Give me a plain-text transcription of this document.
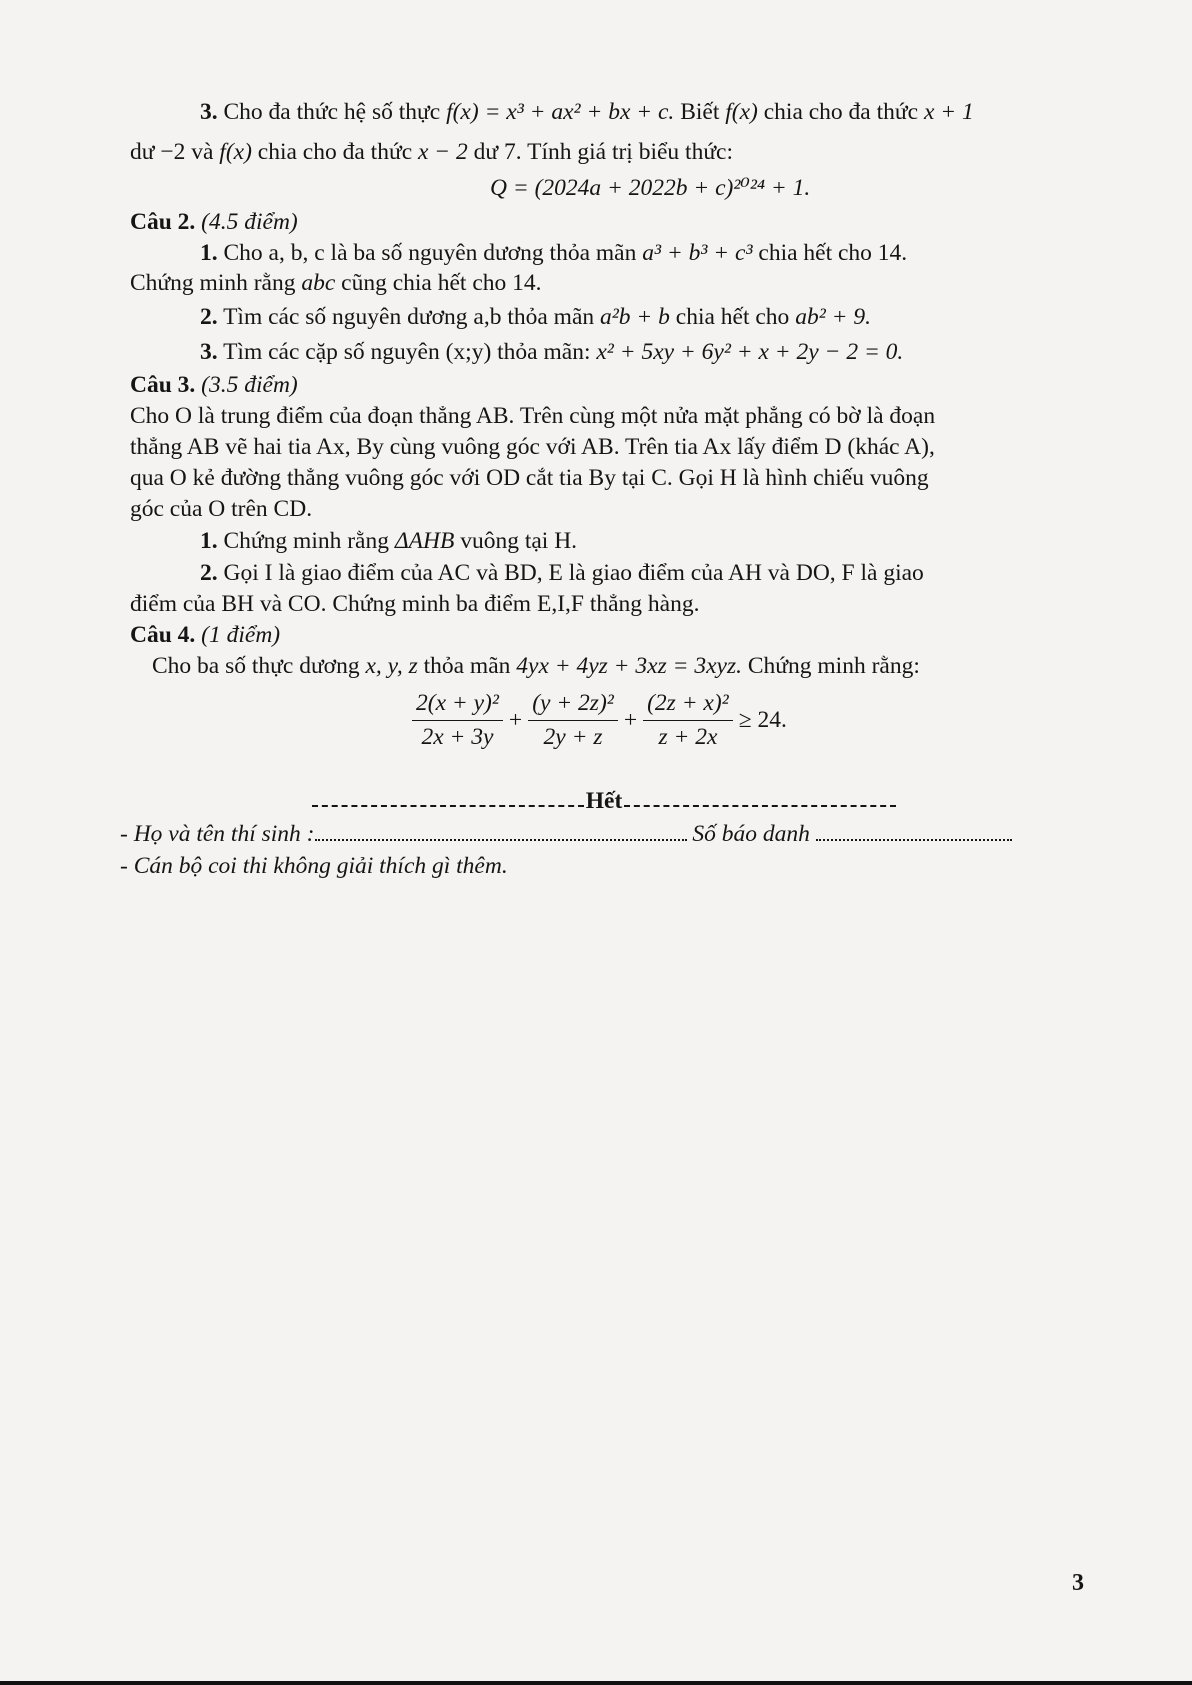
3. Cho đa thức hệ số thực f(x) = x³ + ax² + bx + c. Biết f(x) chia cho đa thức x + 1
dư −2 và f(x) chia cho đa thức x − 2 dư 7. Tính giá trị biểu thức:
Q = (2024a + 2022b + c)²⁰²⁴ + 1.
Câu 2. (4.5 điểm)
1. Cho a, b, c là ba số nguyên dương thỏa mãn a³ + b³ + c³ chia hết cho 14.
Chứng minh rằng abc cũng chia hết cho 14.
2. Tìm các số nguyên dương a,b thỏa mãn a²b + b chia hết cho ab² + 9.
3. Tìm các cặp số nguyên (x;y) thỏa mãn: x² + 5xy + 6y² + x + 2y − 2 = 0.
Câu 3. (3.5 điểm)
Cho O là trung điểm của đoạn thẳng AB. Trên cùng một nửa mặt phẳng có bờ là đoạn
thẳng AB vẽ hai tia Ax, By cùng vuông góc với AB. Trên tia Ax lấy điểm D (khác A),
qua O kẻ đường thẳng vuông góc với OD cắt tia By tại C. Gọi H là hình chiếu vuông
góc của O trên CD.
1. Chứng minh rằng ΔAHB vuông tại H.
2. Gọi I là giao điểm của AC và BD, E là giao điểm của AH và DO, F là giao
điểm của BH và CO. Chứng minh ba điểm E,I,F thẳng hàng.
Câu 4. (1 điểm)
Cho ba số thực dương x, y, z thỏa mãn 4yx + 4yz + 3xz = 3xyz. Chứng minh rằng:
$\frac{\text{2(x + y)²}}{2x + 3y} + \frac{\text{(y + 2z)²}}{2y + z} + \frac{\text{(2z + x)²}}{z + 2x} \ge 24$.
Hết
- Họ và tên thí sinh :	Số báo danh
- Cán bộ coi thi không giải thích gì thêm.
3
